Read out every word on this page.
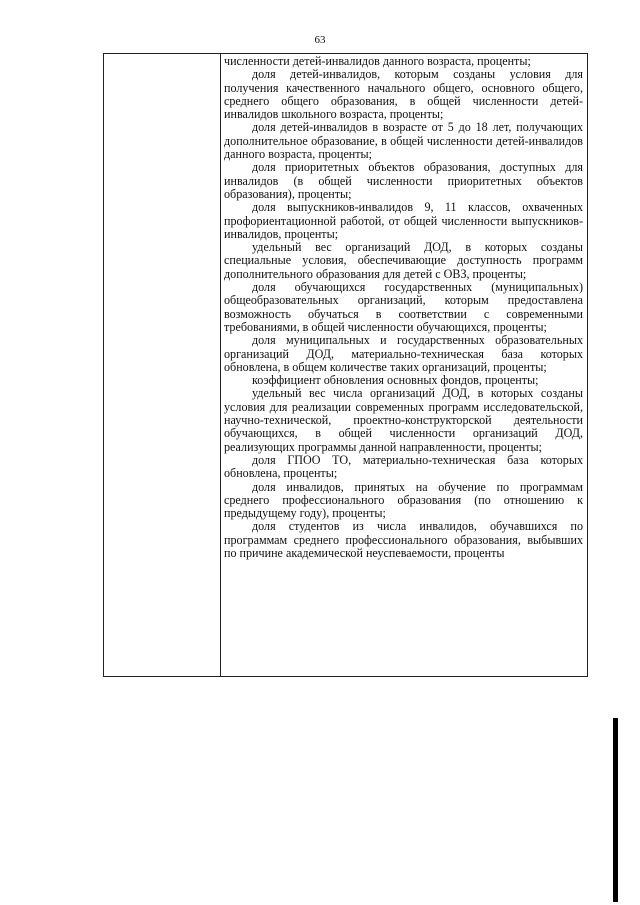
63

численности детей-инвалидов данного возраста, проценты;

доля детей-инвалидов, которым созданы условия для получения качественного начального общего, основного общего, среднего общего образования, в общей численности детей-инвалидов школьного возраста, проценты;

доля детей-инвалидов в возрасте от 5 до 18 лет, получающих дополнительное образование, в общей численности детей-инвалидов данного возраста, проценты;

доля приоритетных объектов образования, доступных для инвалидов (в общей численности приоритетных объектов образования), проценты;

доля выпускников-инвалидов 9, 11 классов, охваченных профориентационной работой, от общей численности выпускников-инвалидов, проценты;

удельный вес организаций ДОД, в которых созданы специальные условия, обеспечивающие доступность программ дополнительного образования для детей с ОВЗ, проценты;

доля обучающихся государственных (муниципальных) общеобразовательных организаций, которым предоставлена возможность обучаться в соответствии с современными требованиями, в общей численности обучающихся, проценты;

доля муниципальных и государственных образовательных организаций ДОД, материально-техническая база которых обновлена, в общем количестве таких организаций, проценты;

коэффициент обновления основных фондов, проценты;

удельный вес числа организаций ДОД, в которых созданы условия для реализации современных программ исследовательской, научно-технической, проектно-конструкторской деятельности обучающихся, в общей численности организаций ДОД, реализующих программы данной направленности, проценты;

доля ГПОО ТО, материально-техническая база которых обновлена, проценты;

доля инвалидов, принятых на обучение по программам среднего профессионального образования (по отношению к предыдущему году), проценты;

доля студентов из числа инвалидов, обучавшихся по программам среднего профессионального образования, выбывших по причине академической неуспеваемости, проценты
